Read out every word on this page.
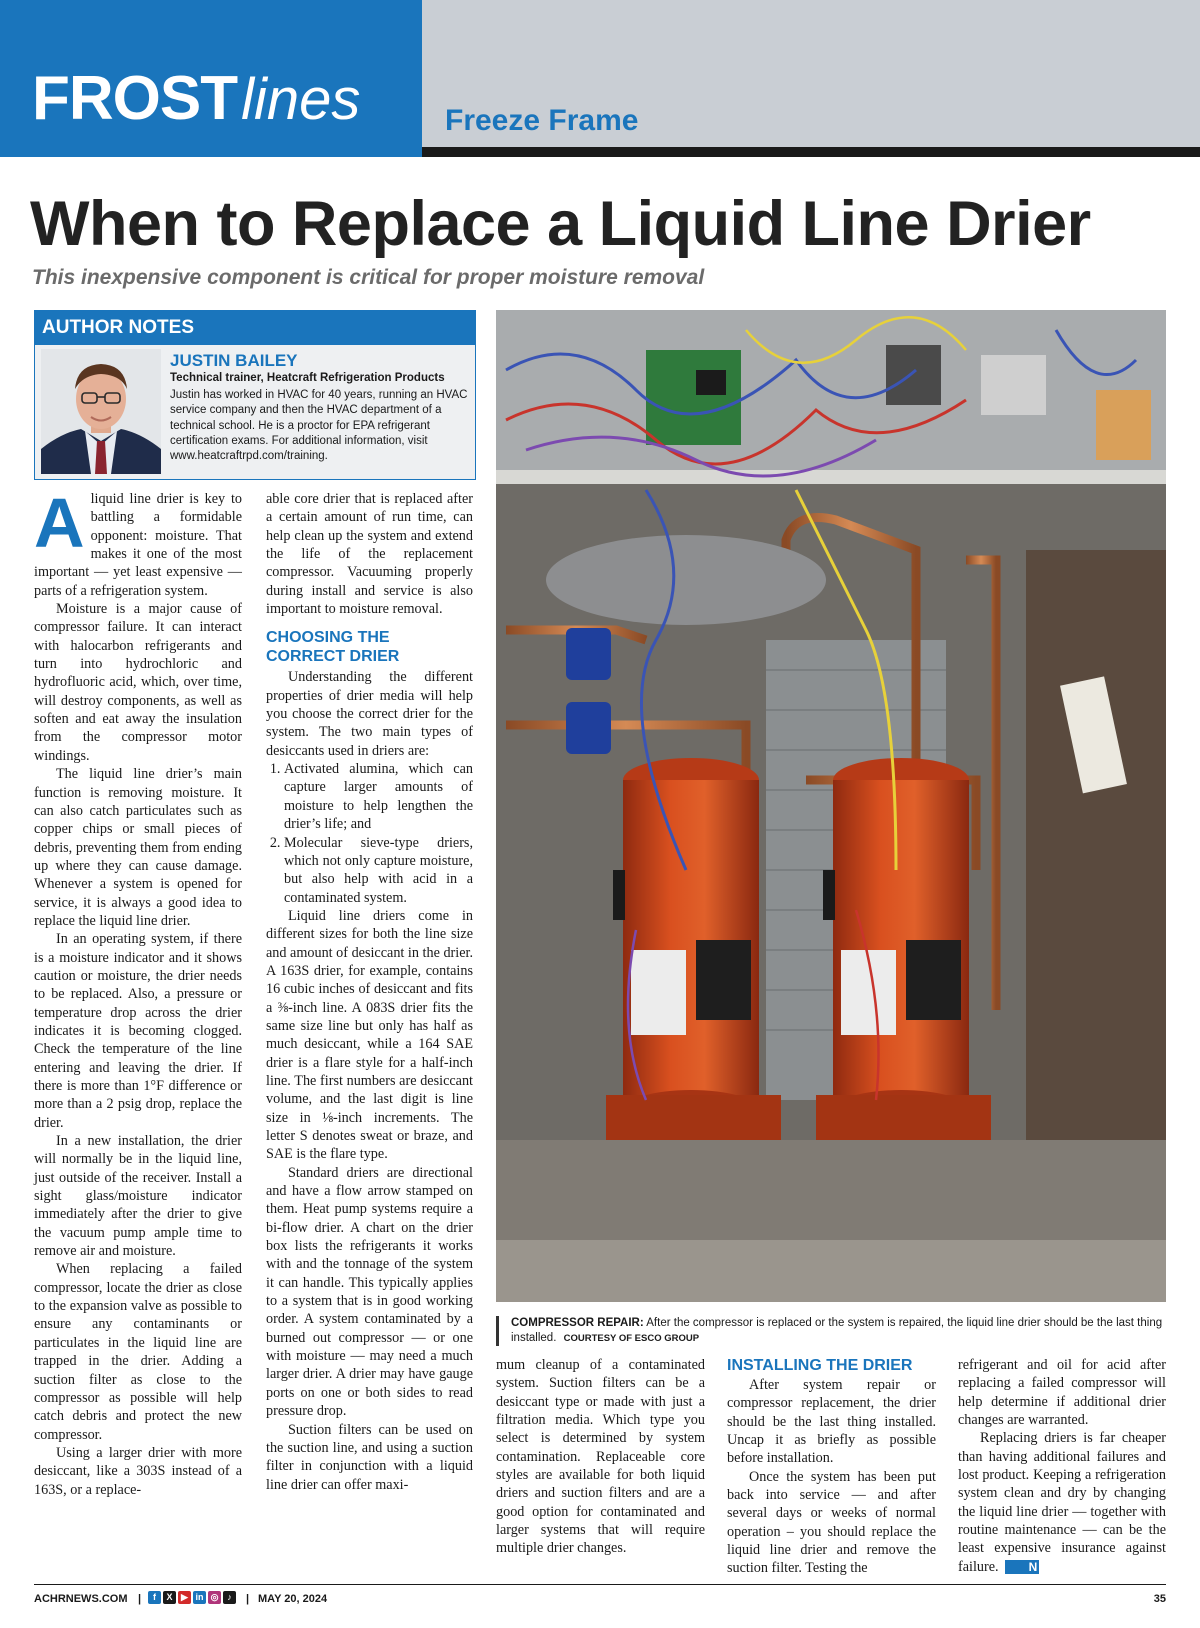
FROSTlines	Freeze Frame
When to Replace a Liquid Line Drier
This inexpensive component is critical for proper moisture removal
AUTHOR NOTES
JUSTIN BAILEY
Technical trainer, Heatcraft Refrigeration Products
Justin has worked in HVAC for 40 years, running an HVAC service company and then the HVAC department of a technical school. He is a proctor for EPA refrigerant certification exams. For additional information, visit www.heatcraftrpd.com/training.

Aliquid line drier is key to battling a formidable opponent: moisture. That makes it one of the most important — yet least expensive — parts of a refrigeration system.

Moisture is a major cause of compressor failure. It can interact with halocarbon refrigerants and turn into hydrochloric and hydrofluoric acid, which, over time, will destroy components, as well as soften and eat away the insulation from the compressor motor windings.

The liquid line drier’s main function is removing moisture. It can also catch particulates such as copper chips or small pieces of debris, preventing them from ending up where they can cause damage. Whenever a system is opened for service, it is always a good idea to replace the liquid line drier.

In an operating system, if there is a moisture indicator and it shows caution or moisture, the drier needs to be replaced. Also, a pressure or temperature drop across the drier indicates it is becoming clogged. Check the temperature of the line entering and leaving the drier. If there is more than 1°F difference or more than a 2 psig drop, replace the drier.

In a new installation, the drier will normally be in the liquid line, just outside of the receiver. Install a sight glass/moisture indicator immediately after the drier to give the vacuum pump ample time to remove air and moisture.

When replacing a failed compressor, locate the drier as close to the expansion valve as possible to ensure any contaminants or particulates in the liquid line are trapped in the drier. Adding a suction filter as close to the compressor as possible will help catch debris and protect the new compressor.

Using a larger drier with more desiccant, like a 303S instead of a 163S, or a replace-

able core drier that is replaced after a certain amount of run time, can help clean up the system and extend the life of the replacement compressor. Vacuuming properly during install and service is also important to moisture removal.

CHOOSING THE CORRECT DRIER

Understanding the different properties of drier media will help you choose the correct drier for the system. The two main types of desiccants used in driers are:

1. Activated alumina, which can capture larger amounts of moisture to help lengthen the drier’s life; and
2. Molecular sieve-type driers, which not only capture moisture, but also help with acid in a contaminated system.

Liquid line driers come in different sizes for both the line size and amount of desiccant in the drier. A 163S drier, for example, contains 16 cubic inches of desiccant and fits a ⅜-inch line. A 083S drier fits the same size line but only has half as much desiccant, while a 164 SAE drier is a flare style for a half-inch line. The first numbers are desiccant volume, and the last digit is line size in ⅛-inch increments. The letter S denotes sweat or braze, and SAE is the flare type.

Standard driers are directional and have a flow arrow stamped on them. Heat pump systems require a bi-flow drier. A chart on the drier box lists the refrigerants it works with and the tonnage of the system it can handle. This typically applies to a system that is in good working order. A system contaminated by a burned out compressor — or one with moisture — may need a much larger drier. A drier may have gauge ports on one or both sides to read pressure drop.

Suction filters can be used on the suction line, and using a suction filter in conjunction with a liquid line drier can offer maxi-

COMPRESSOR REPAIR: After the compressor is replaced or the system is repaired, the liquid line drier should be the last thing installed. COURTESY OF ESCO GROUP

mum cleanup of a contaminated system. Suction filters can be a desiccant type or made with just a filtration media. Which type you select is determined by system contamination. Replaceable core styles are available for both liquid driers and suction filters and are a good option for contaminated and larger systems that will require multiple drier changes.

INSTALLING THE DRIER

After system repair or compressor replacement, the drier should be the last thing installed. Uncap it as briefly as possible before installation.

Once the system has been put back into service — and after several days or weeks of normal operation – you should replace the liquid line drier and remove the suction filter. Testing the

refrigerant and oil for acid after replacing a failed compressor will help determine if additional drier changes are warranted.

Replacing driers is far cheaper than having additional failures and lost product. Keeping a refrigeration system clean and dry by changing the liquid line drier — together with routine maintenance — can be the least expensive insurance against failure.	N

ACHRNEWS.COM |	f	X ▶ in ◎ ♪	| MAY 20, 2024	35
